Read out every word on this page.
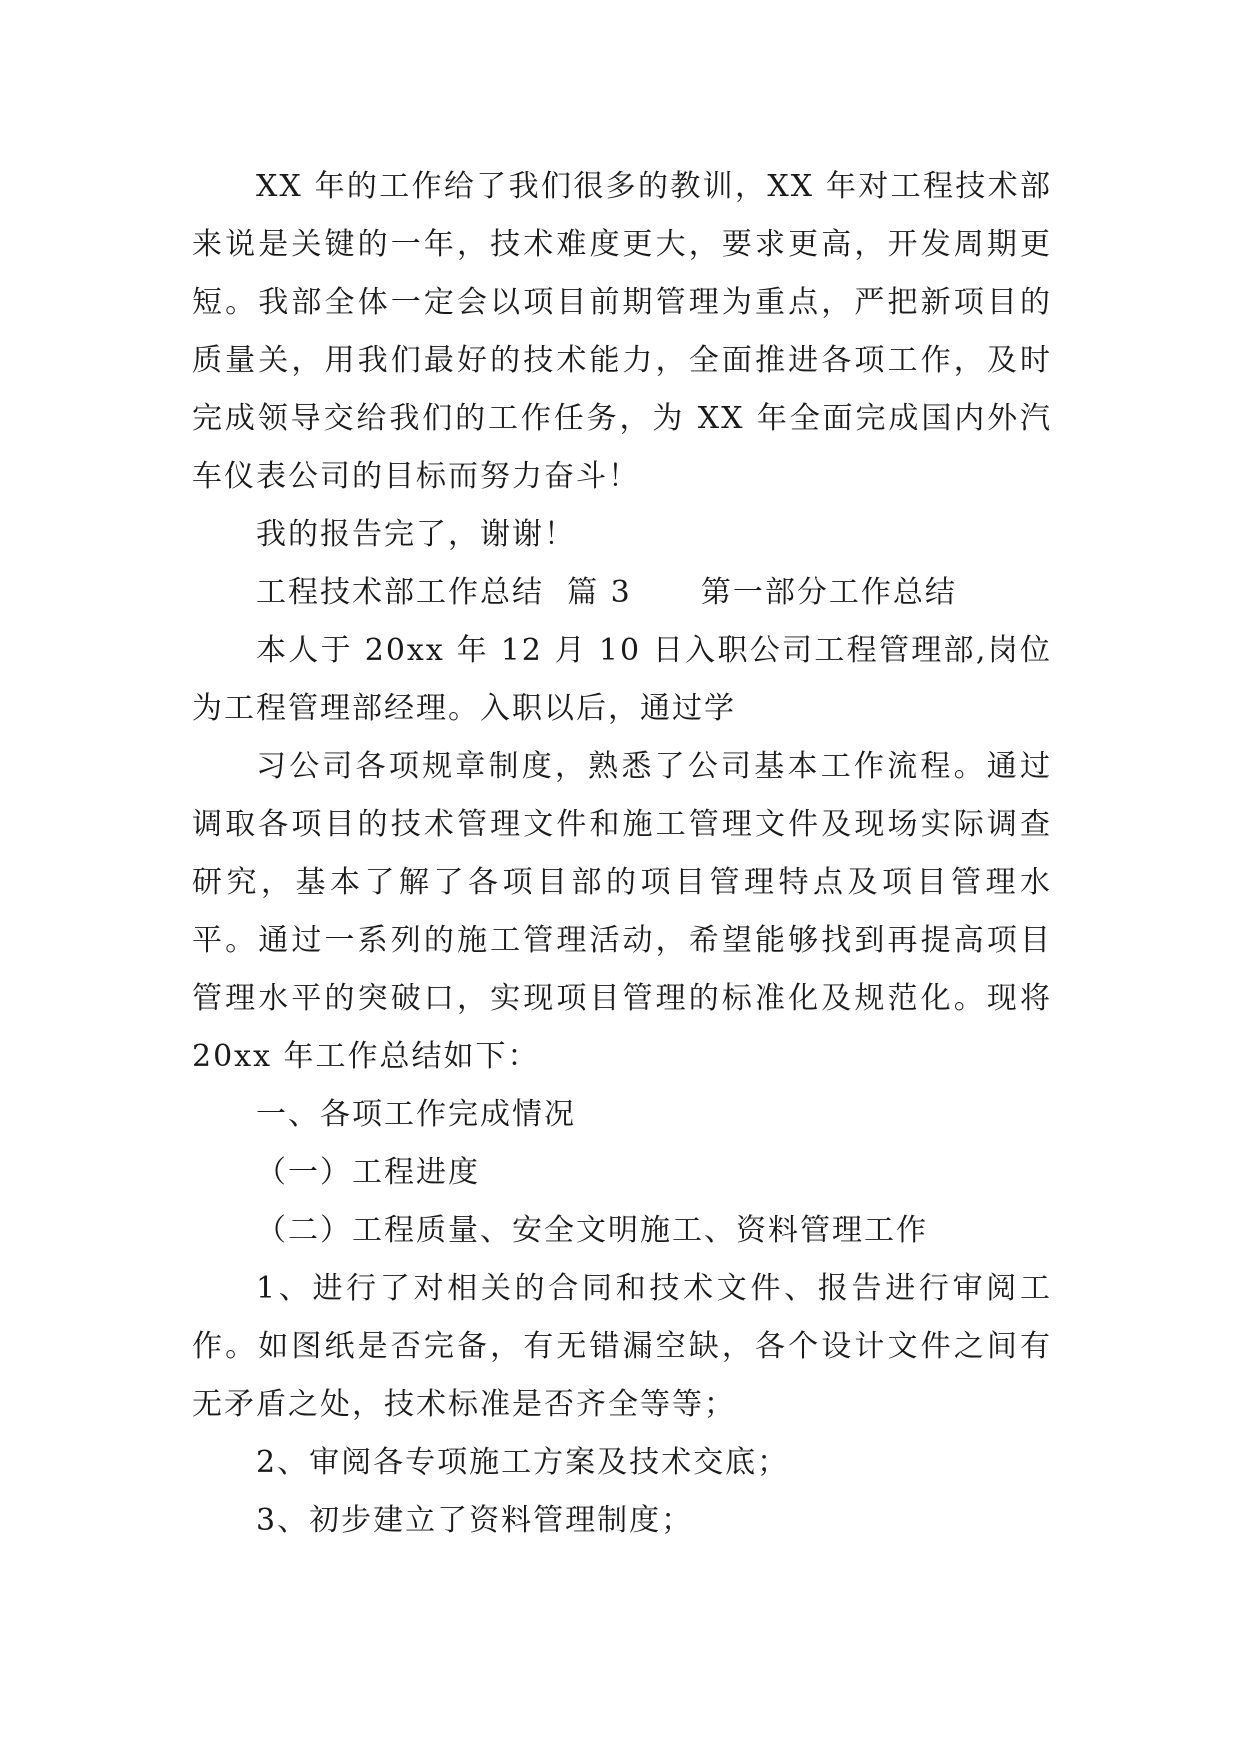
XX 年的工作给了我们很多的教训，XX 年对工程技术部来说是关键的一年，技术难度更大，要求更高，开发周期更短。我部全体一定会以项目前期管理为重点，严把新项目的质量关，用我们最好的技术能力，全面推进各项工作，及时完成领导交给我们的工作任务，为 XX 年全面完成国内外汽车仪表公司的目标而努力奋斗！

我的报告完了，谢谢！

工程技术部工作总结  篇 3      第一部分工作总结

本人于 20xx 年 12 月 10 日入职公司工程管理部,岗位为工程管理部经理。入职以后，通过学

习公司各项规章制度，熟悉了公司基本工作流程。通过调取各项目的技术管理文件和施工管理文件及现场实际调查研究，基本了解了各项目部的项目管理特点及项目管理水平。通过一系列的施工管理活动，希望能够找到再提高项目管理水平的突破口，实现项目管理的标准化及规范化。现将 20xx 年工作总结如下：

一、各项工作完成情况

（一）工程进度

（二）工程质量、安全文明施工、资料管理工作

1、进行了对相关的合同和技术文件、报告进行审阅工作。如图纸是否完备，有无错漏空缺，各个设计文件之间有无矛盾之处，技术标准是否齐全等等；

2、审阅各专项施工方案及技术交底；

3、初步建立了资料管理制度；
